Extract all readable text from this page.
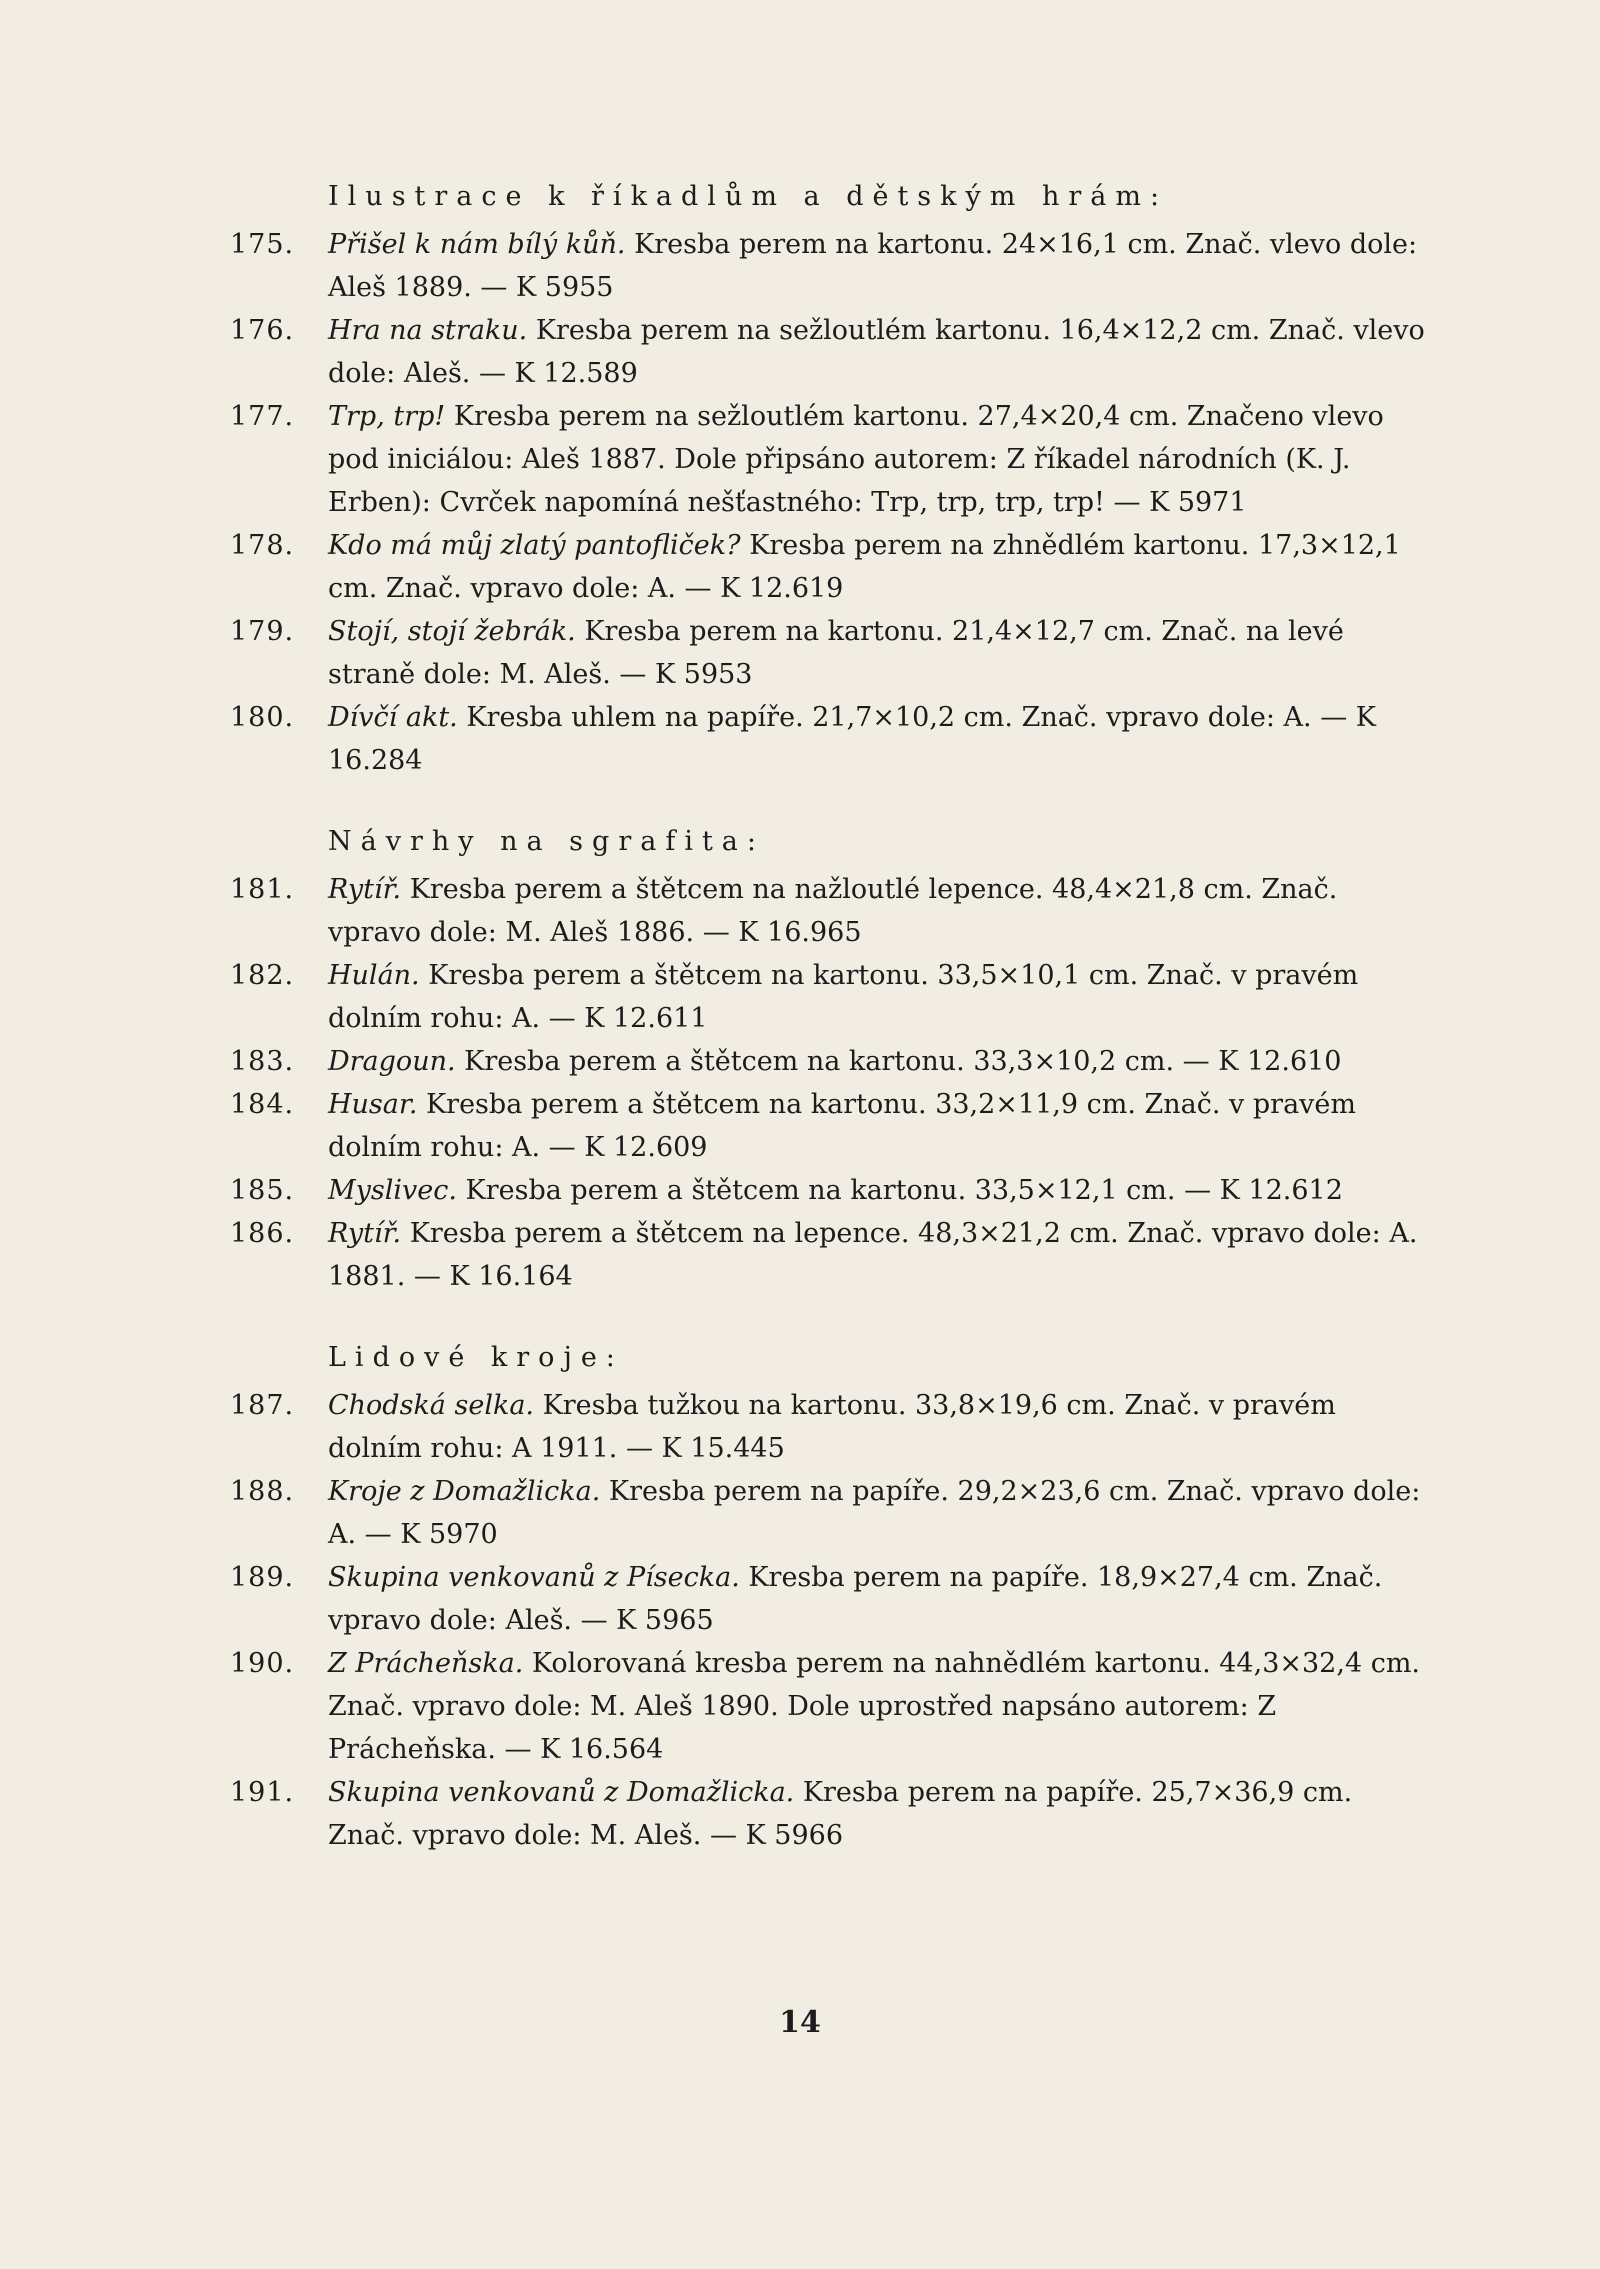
Ilustrace k říkadlům a dětským hrám:
175.	Přišel k nám bílý kůň. Kresba perem na kartonu. 24×16,1 cm. Znač. vlevo dole: Aleš 1889. — K 5955
176.	Hra na straku. Kresba perem na sežloutlém kartonu. 16,4×12,2 cm. Znač. vlevo dole: Aleš. — K 12.589
177.	Trp, trp! Kresba perem na sežloutlém kartonu. 27,4×20,4 cm. Značeno vlevo pod iniciálou: Aleš 1887. Dole připsáno autorem: Z říkadel národních (K. J. Erben): Cvrček napomíná nešťastného: Trp, trp, trp, trp! — K 5971
178.	Kdo má můj zlatý pantofliček? Kresba perem na zhnědlém kartonu. 17,3×12,1 cm. Znač. vpravo dole: A. — K 12.619
179.	Stojí, stojí žebrák. Kresba perem na kartonu. 21,4×12,7 cm. Znač. na levé straně dole: M. Aleš. — K 5953
180.	Dívčí akt. Kresba uhlem na papíře. 21,7×10,2 cm. Znač. vpravo dole: A. — K 16.284
Návrhy na sgrafita:
181.	Rytíř. Kresba perem a štětcem na nažloutlé lepence. 48,4×21,8 cm. Znač. vpravo dole: M. Aleš 1886. — K 16.965
182.	Hulán. Kresba perem a štětcem na kartonu. 33,5×10,1 cm. Znač. v pravém dolním rohu: A. — K 12.611
183.	Dragoun. Kresba perem a štětcem na kartonu. 33,3×10,2 cm. — K 12.610
184.	Husar. Kresba perem a štětcem na kartonu. 33,2×11,9 cm. Znač. v pravém dolním rohu: A. — K 12.609
185.	Myslivec. Kresba perem a štětcem na kartonu. 33,5×12,1 cm. — K 12.612
186.	Rytíř. Kresba perem a štětcem na lepence. 48,3×21,2 cm. Znač. vpravo dole: A. 1881. — K 16.164
Lidové kroje:
187.	Chodská selka. Kresba tužkou na kartonu. 33,8×19,6 cm. Znač. v pravém dolním rohu: A 1911. — K 15.445
188.	Kroje z Domažlicka. Kresba perem na papíře. 29,2×23,6 cm. Znač. vpravo dole: A. — K 5970
189.	Skupina venkovanů z Písecka. Kresba perem na papíře. 18,9×27,4 cm. Znač. vpravo dole: Aleš. — K 5965
190.	Z Prácheňska. Kolorovaná kresba perem na nahnědlém kartonu. 44,3×32,4 cm. Znač. vpravo dole: M. Aleš 1890. Dole uprostřed napsáno autorem: Z Prácheňska. — K 16.564
191.	Skupina venkovanů z Domažlicka. Kresba perem na papíře. 25,7×36,9 cm. Znač. vpravo dole: M. Aleš. — K 5966
14
